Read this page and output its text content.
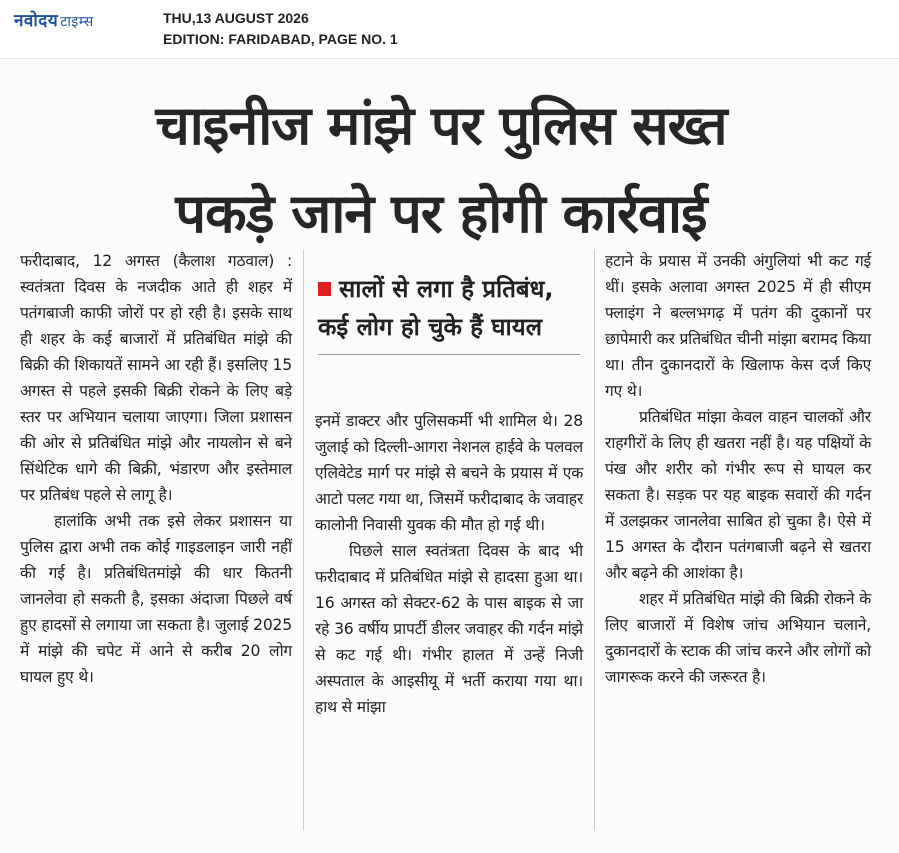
नवोदय टाइम्स	THU,13 AUGUST 2026
EDITION: FARIDABAD, PAGE NO. 1
चाइनीज मांझे पर पुलिस सख्त
पकड़े जाने पर होगी कार्रवाई

फरीदाबाद, 12 अगस्त (कैलाश गठवाल) : स्वतंत्रता दिवस के नजदीक आते ही शहर में पतंगबाजी काफी जोरों पर हो रही है। इसके साथ ही शहर के कई बाजारों में प्रतिबंधित मांझे की बिक्री की शिकायतें सामने आ रही हैं। इसलिए 15 अगस्त से पहले इसकी बिक्री रोकने के लिए बड़े स्तर पर अभियान चलाया जाएगा। जिला प्रशासन की ओर से प्रतिबंधित मांझे और नायलोन से बने सिंथेटिक धागे की बिक्री, भंडारण और इस्तेमाल पर प्रतिबंध पहले से लागू है।

हालांकि अभी तक इसे लेकर प्रशासन या पुलिस द्वारा अभी तक कोई गाइडलाइन जारी नहीं की गई है। प्रतिबंधितमांझे की धार कितनी जानलेवा हो सकती है, इसका अंदाजा पिछले वर्ष हुए हादसों से लगाया जा सकता है। जुलाई 2025 में मांझे की चपेट में आने से करीब 20 लोग घायल हुए थे।

सालों से लगा है प्रतिबंध, कई लोग हो चुके हैं घायल

इनमें डाक्टर और पुलिसकर्मी भी शामिल थे। 28 जुलाई को दिल्ली-आगरा नेशनल हाईवे के पलवल एलिवेटेड मार्ग पर मांझे से बचने के प्रयास में एक आटो पलट गया था, जिसमें फरीदाबाद के जवाहर कालोनी निवासी युवक की मौत हो गई थी।

पिछले साल स्वतंत्रता दिवस के बाद भी फरीदाबाद में प्रतिबंधित मांझे से हादसा हुआ था। 16 अगस्त को सेक्टर-62 के पास बाइक से जा रहे 36 वर्षीय प्रापर्टी डीलर जवाहर की गर्दन मांझे से कट गई थी। गंभीर हालत में उन्हें निजी अस्पताल के आइसीयू में भर्ती कराया गया था। हाथ से मांझा

हटाने के प्रयास में उनकी अंगुलियां भी कट गई थीं। इसके अलावा अगस्त 2025 में ही सीएम फ्लाइंग ने बल्लभगढ़ में पतंग की दुकानों पर छापेमारी कर प्रतिबंधित चीनी मांझा बरामद किया था। तीन दुकानदारों के खिलाफ केस दर्ज किए गए थे।

प्रतिबंधित मांझा केवल वाहन चालकों और राहगीरों के लिए ही खतरा नहीं है। यह पक्षियों के पंख और शरीर को गंभीर रूप से घायल कर सकता है। सड़क पर यह बाइक सवारों की गर्दन में उलझकर जानलेवा साबित हो चुका है। ऐसे में 15 अगस्त के दौरान पतंगबाजी बढ़ने से खतरा और बढ़ने की आशंका है।

शहर में प्रतिबंधित मांझे की बिक्री रोकने के लिए बाजारों में विशेष जांच अभियान चलाने, दुकानदारों के स्टाक की जांच करने और लोगों को जागरूक करने की जरूरत है।
